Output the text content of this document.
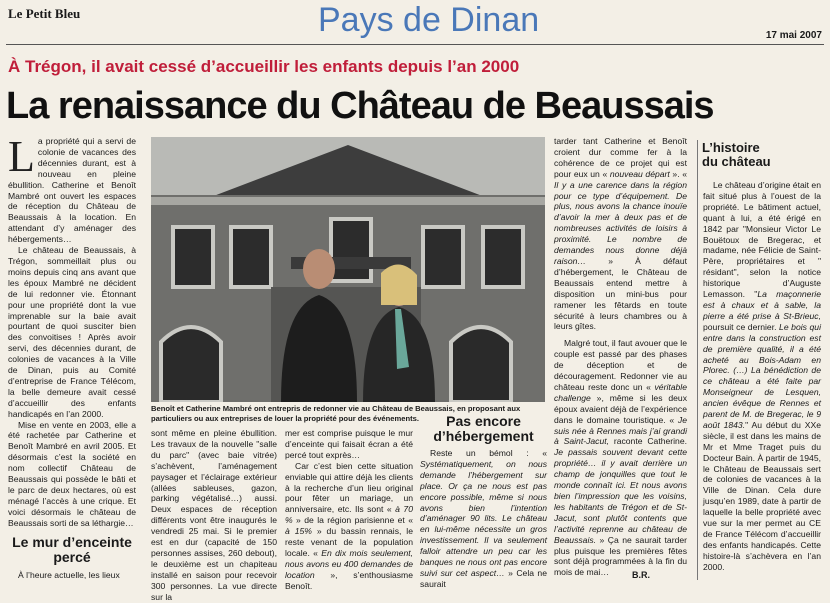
Le Petit Bleu	Pays de Dinan	17 mai 2007
À Trégon, il avait cessé d’accueillir les enfants depuis l’an 2000
La renaissance du Château de Beaussais
L a propriété qui a servi de colonie de vacances des décennies durant, est à nouveau en pleine ébullition. Catherine et Benoît Mambré ont ouvert les espaces de réception du Château de Beaussais à la location. En attendant d’y aménager des hébergements…

Le château de Beaussais, à Trégon, sommeillait plus ou moins depuis cinq ans avant que les époux Mambré ne décident de lui redonner vie. Étonnant pour une propriété dont la vue imprenable sur la baie avait pourtant de quoi susciter bien des convoitises ! Après avoir servi, des décennies durant, de colonies de vacances à la Ville de Dinan, puis au Comité d’entreprise de France Télécom, la belle demeure avait cessé d’accueillir des enfants handicapés en l’an 2000.

Mise en vente en 2003, elle a été rachetée par Catherine et Benoît Mambré en avril 2005. Et désormais c’est la société en nom collectif Château de Beaussais qui possède le bâti et le parc de deux hectares, où est ménagé l’accès à une crique. Et voici désormais le château de Beaussais sorti de sa léthargie…

Le mur d’enceinte percé

À l’heure actuelle, les lieux

Benoît et Catherine Mambré ont entrepris de redonner vie au Château de Beaussais, en proposant aux particuliers ou aux entreprises de louer la propriété pour des événements.

sont même en pleine ébullition. Les travaux de la nouvelle "salle du parc" (avec baie vitrée) s’achèvent, l’aménagement paysager et l’éclairage extérieur (allées sableuses, gazon, parking végétalisé…) aussi. Deux espaces de réception différents vont être inaugurés le vendredi 25 mai. Si le premier est en dur (capacité de 150 personnes assises, 260 debout), le deuxième est un chapiteau installé en saison pour recevoir 300 personnes. La vue directe sur la

mer est comprise puisque le mur d’enceinte qui faisait écran a été percé tout exprès…

Car c’est bien cette situation enviable qui attire déjà les clients à la recherche d’un lieu original pour fêter un mariage, un anniversaire, etc. Ils sont « à 70 % » de la région parisienne et « à 15% » du bassin rennais, le reste venant de la population locale. « En dix mois seulement, nous avons eu 400 demandes de location », s’enthousiasme Benoît.

Pas encore d’hébergement

Reste un bémol : « Systématiquement, on nous demande l’hébergement sur place. Or ça ne nous est pas encore possible, même si nous avons bien l’intention d’aménager 90 lits. Le château en lui-même nécessite un gros investissement. Il va seulement falloir attendre un peu car les banques ne nous ont pas encore suivi sur cet aspect… » Cela ne saurait

tarder tant Catherine et Benoît croient dur comme fer à la cohérence de ce projet qui est pour eux un « nouveau départ ». « Il y a une carence dans la région pour ce type d’équipement. De plus, nous avons la chance inouïe d’avoir la mer à deux pas et de nombreuses activités de loisirs à proximité. Le nombre de demandes nous donne déjà raison… » À défaut d’hébergement, le Château de Beaussais entend mettre à disposition un mini-bus pour ramener les fêtards en toute sécurité à leurs chambres ou à leurs gîtes.

Malgré tout, il faut avouer que le couple est passé par des phases de déception et de découragement. Redonner vie au château reste donc un « véritable challenge », même si les deux époux avaient déjà de l’expérience dans le domaine touristique. « Je suis née à Rennes mais j’ai grandi à Saint-Jacut, raconte Catherine. Je passais souvent devant cette propriété… il y avait derrière un champ de jonquilles que tout le monde connaît ici. Et nous avons bien l’impression que les voisins, les habitants de Trégon et de St-Jacut, sont plutôt contents que l’activité reprenne au château de Beaussais. » Ça ne saurait tarder plus puisque les premières fêtes sont déjà programmées à la fin du mois de mai…

L’histoire
du château

Le château d’origine était en fait situé plus à l’ouest de la propriété. Le bâtiment actuel, quant à lui, a été érigé en 1842 par "Monsieur Victor Le Bouëtoux de Bregerac, et madame, née Félicie de Saint-Père, propriétaires et " résidant", selon la notice historique d’Auguste Lemasson. "La maçonnerie est à chaux et à sable, la pierre a été prise à St-Brieuc, poursuit ce dernier. Le bois qui entre dans la construction est de première qualité, il a été acheté au Bois-Adam en Plorec. (…) La bénédiction de ce château a été faite par Monseigneur de Lesquen, ancien évêque de Rennes et parent de M. de Bregerac, le 9 août 1843." Au début du XXe siècle, il est dans les mains de Mr et Mme Traget puis du Docteur Bain. À partir de 1945, le Château de Beaussais sert de colonies de vacances à la Ville de Dinan. Cela dure jusqu’en 1989, date à partir de laquelle la belle propriété avec vue sur la mer permet au CE de France Télécom d’accueillir des enfants handicapés. Cette histoire-là s’achèvera en l’an 2000.

B.R.
